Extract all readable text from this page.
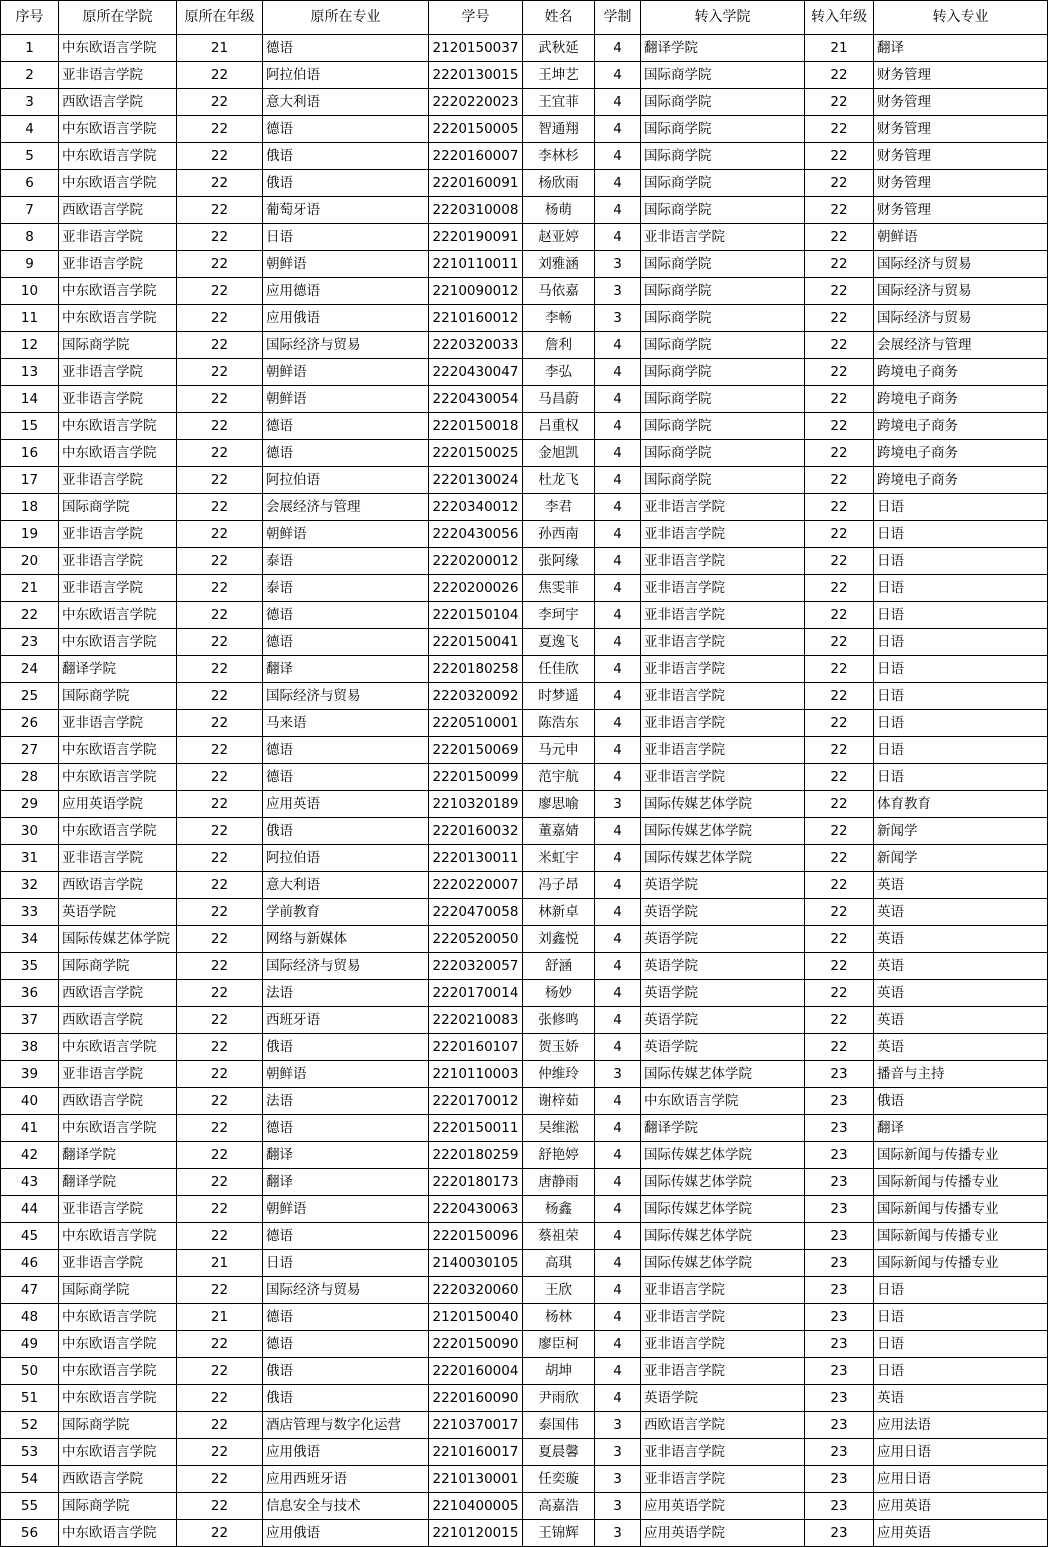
序号	原所在学院	原所在年级	原所在专业	学号	姓名	学制	转入学院	转入年级	转入专业
1	中东欧语言学院	21	德语	2120150037	武秋延	4	翻译学院	21	翻译
2	亚非语言学院	22	阿拉伯语	2220130015	王坤艺	4	国际商学院	22	财务管理
3	西欧语言学院	22	意大利语	2220220023	王宜菲	4	国际商学院	22	财务管理
4	中东欧语言学院	22	德语	2220150005	智通翔	4	国际商学院	22	财务管理
5	中东欧语言学院	22	俄语	2220160007	李林杉	4	国际商学院	22	财务管理
6	中东欧语言学院	22	俄语	2220160091	杨欣雨	4	国际商学院	22	财务管理
7	西欧语言学院	22	葡萄牙语	2220310008	杨萌	4	国际商学院	22	财务管理
8	亚非语言学院	22	日语	2220190091	赵亚婷	4	亚非语言学院	22	朝鲜语
9	亚非语言学院	22	朝鲜语	2210110011	刘雅涵	3	国际商学院	22	国际经济与贸易
10	中东欧语言学院	22	应用德语	2210090012	马依嘉	3	国际商学院	22	国际经济与贸易
11	中东欧语言学院	22	应用俄语	2210160012	李畅	3	国际商学院	22	国际经济与贸易
12	国际商学院	22	国际经济与贸易	2220320033	詹利	4	国际商学院	22	会展经济与管理
13	亚非语言学院	22	朝鲜语	2220430047	李弘	4	国际商学院	22	跨境电子商务
14	亚非语言学院	22	朝鲜语	2220430054	马昌蔚	4	国际商学院	22	跨境电子商务
15	中东欧语言学院	22	德语	2220150018	吕重权	4	国际商学院	22	跨境电子商务
16	中东欧语言学院	22	德语	2220150025	金旭凯	4	国际商学院	22	跨境电子商务
17	亚非语言学院	22	阿拉伯语	2220130024	杜龙飞	4	国际商学院	22	跨境电子商务
18	国际商学院	22	会展经济与管理	2220340012	李君	4	亚非语言学院	22	日语
19	亚非语言学院	22	朝鲜语	2220430056	孙西南	4	亚非语言学院	22	日语
20	亚非语言学院	22	泰语	2220200012	张阿缘	4	亚非语言学院	22	日语
21	亚非语言学院	22	泰语	2220200026	焦雯菲	4	亚非语言学院	22	日语
22	中东欧语言学院	22	德语	2220150104	李珂宇	4	亚非语言学院	22	日语
23	中东欧语言学院	22	德语	2220150041	夏逸飞	4	亚非语言学院	22	日语
24	翻译学院	22	翻译	2220180258	任佳欣	4	亚非语言学院	22	日语
25	国际商学院	22	国际经济与贸易	2220320092	时梦遥	4	亚非语言学院	22	日语
26	亚非语言学院	22	马来语	2220510001	陈浩东	4	亚非语言学院	22	日语
27	中东欧语言学院	22	德语	2220150069	马元申	4	亚非语言学院	22	日语
28	中东欧语言学院	22	德语	2220150099	范宇航	4	亚非语言学院	22	日语
29	应用英语学院	22	应用英语	2210320189	廖思喻	3	国际传媒艺体学院	22	体育教育
30	中东欧语言学院	22	俄语	2220160032	董嘉婧	4	国际传媒艺体学院	22	新闻学
31	亚非语言学院	22	阿拉伯语	2220130011	米虹宇	4	国际传媒艺体学院	22	新闻学
32	西欧语言学院	22	意大利语	2220220007	冯子昂	4	英语学院	22	英语
33	英语学院	22	学前教育	2220470058	林新卓	4	英语学院	22	英语
34	国际传媒艺体学院	22	网络与新媒体	2220520050	刘鑫悦	4	英语学院	22	英语
35	国际商学院	22	国际经济与贸易	2220320057	舒涵	4	英语学院	22	英语
36	西欧语言学院	22	法语	2220170014	杨妙	4	英语学院	22	英语
37	西欧语言学院	22	西班牙语	2220210083	张修鸣	4	英语学院	22	英语
38	中东欧语言学院	22	俄语	2220160107	贺玉娇	4	英语学院	22	英语
39	亚非语言学院	22	朝鲜语	2210110003	仲维玲	3	国际传媒艺体学院	23	播音与主持
40	西欧语言学院	22	法语	2220170012	谢梓茹	4	中东欧语言学院	23	俄语
41	中东欧语言学院	22	德语	2220150011	吴维淞	4	翻译学院	23	翻译
42	翻译学院	22	翻译	2220180259	舒艳婷	4	国际传媒艺体学院	23	国际新闻与传播专业
43	翻译学院	22	翻译	2220180173	唐静雨	4	国际传媒艺体学院	23	国际新闻与传播专业
44	亚非语言学院	22	朝鲜语	2220430063	杨鑫	4	国际传媒艺体学院	23	国际新闻与传播专业
45	中东欧语言学院	22	德语	2220150096	蔡祖荣	4	国际传媒艺体学院	23	国际新闻与传播专业
46	亚非语言学院	21	日语	2140030105	高琪	4	国际传媒艺体学院	23	国际新闻与传播专业
47	国际商学院	22	国际经济与贸易	2220320060	王欣	4	亚非语言学院	23	日语
48	中东欧语言学院	21	德语	2120150040	杨林	4	亚非语言学院	23	日语
49	中东欧语言学院	22	德语	2220150090	廖臣柯	4	亚非语言学院	23	日语
50	中东欧语言学院	22	俄语	2220160004	胡坤	4	亚非语言学院	23	日语
51	中东欧语言学院	22	俄语	2220160090	尹雨欣	4	英语学院	23	英语
52	国际商学院	22	酒店管理与数字化运营	2210370017	泰国伟	3	西欧语言学院	23	应用法语
53	中东欧语言学院	22	应用俄语	2210160017	夏晨馨	3	亚非语言学院	23	应用日语
54	西欧语言学院	22	应用西班牙语	2210130001	任奕璇	3	亚非语言学院	23	应用日语
55	国际商学院	22	信息安全与技术	2210400005	高嘉浩	3	应用英语学院	23	应用英语
56	中东欧语言学院	22	应用俄语	2210120015	王锦辉	3	应用英语学院	23	应用英语
